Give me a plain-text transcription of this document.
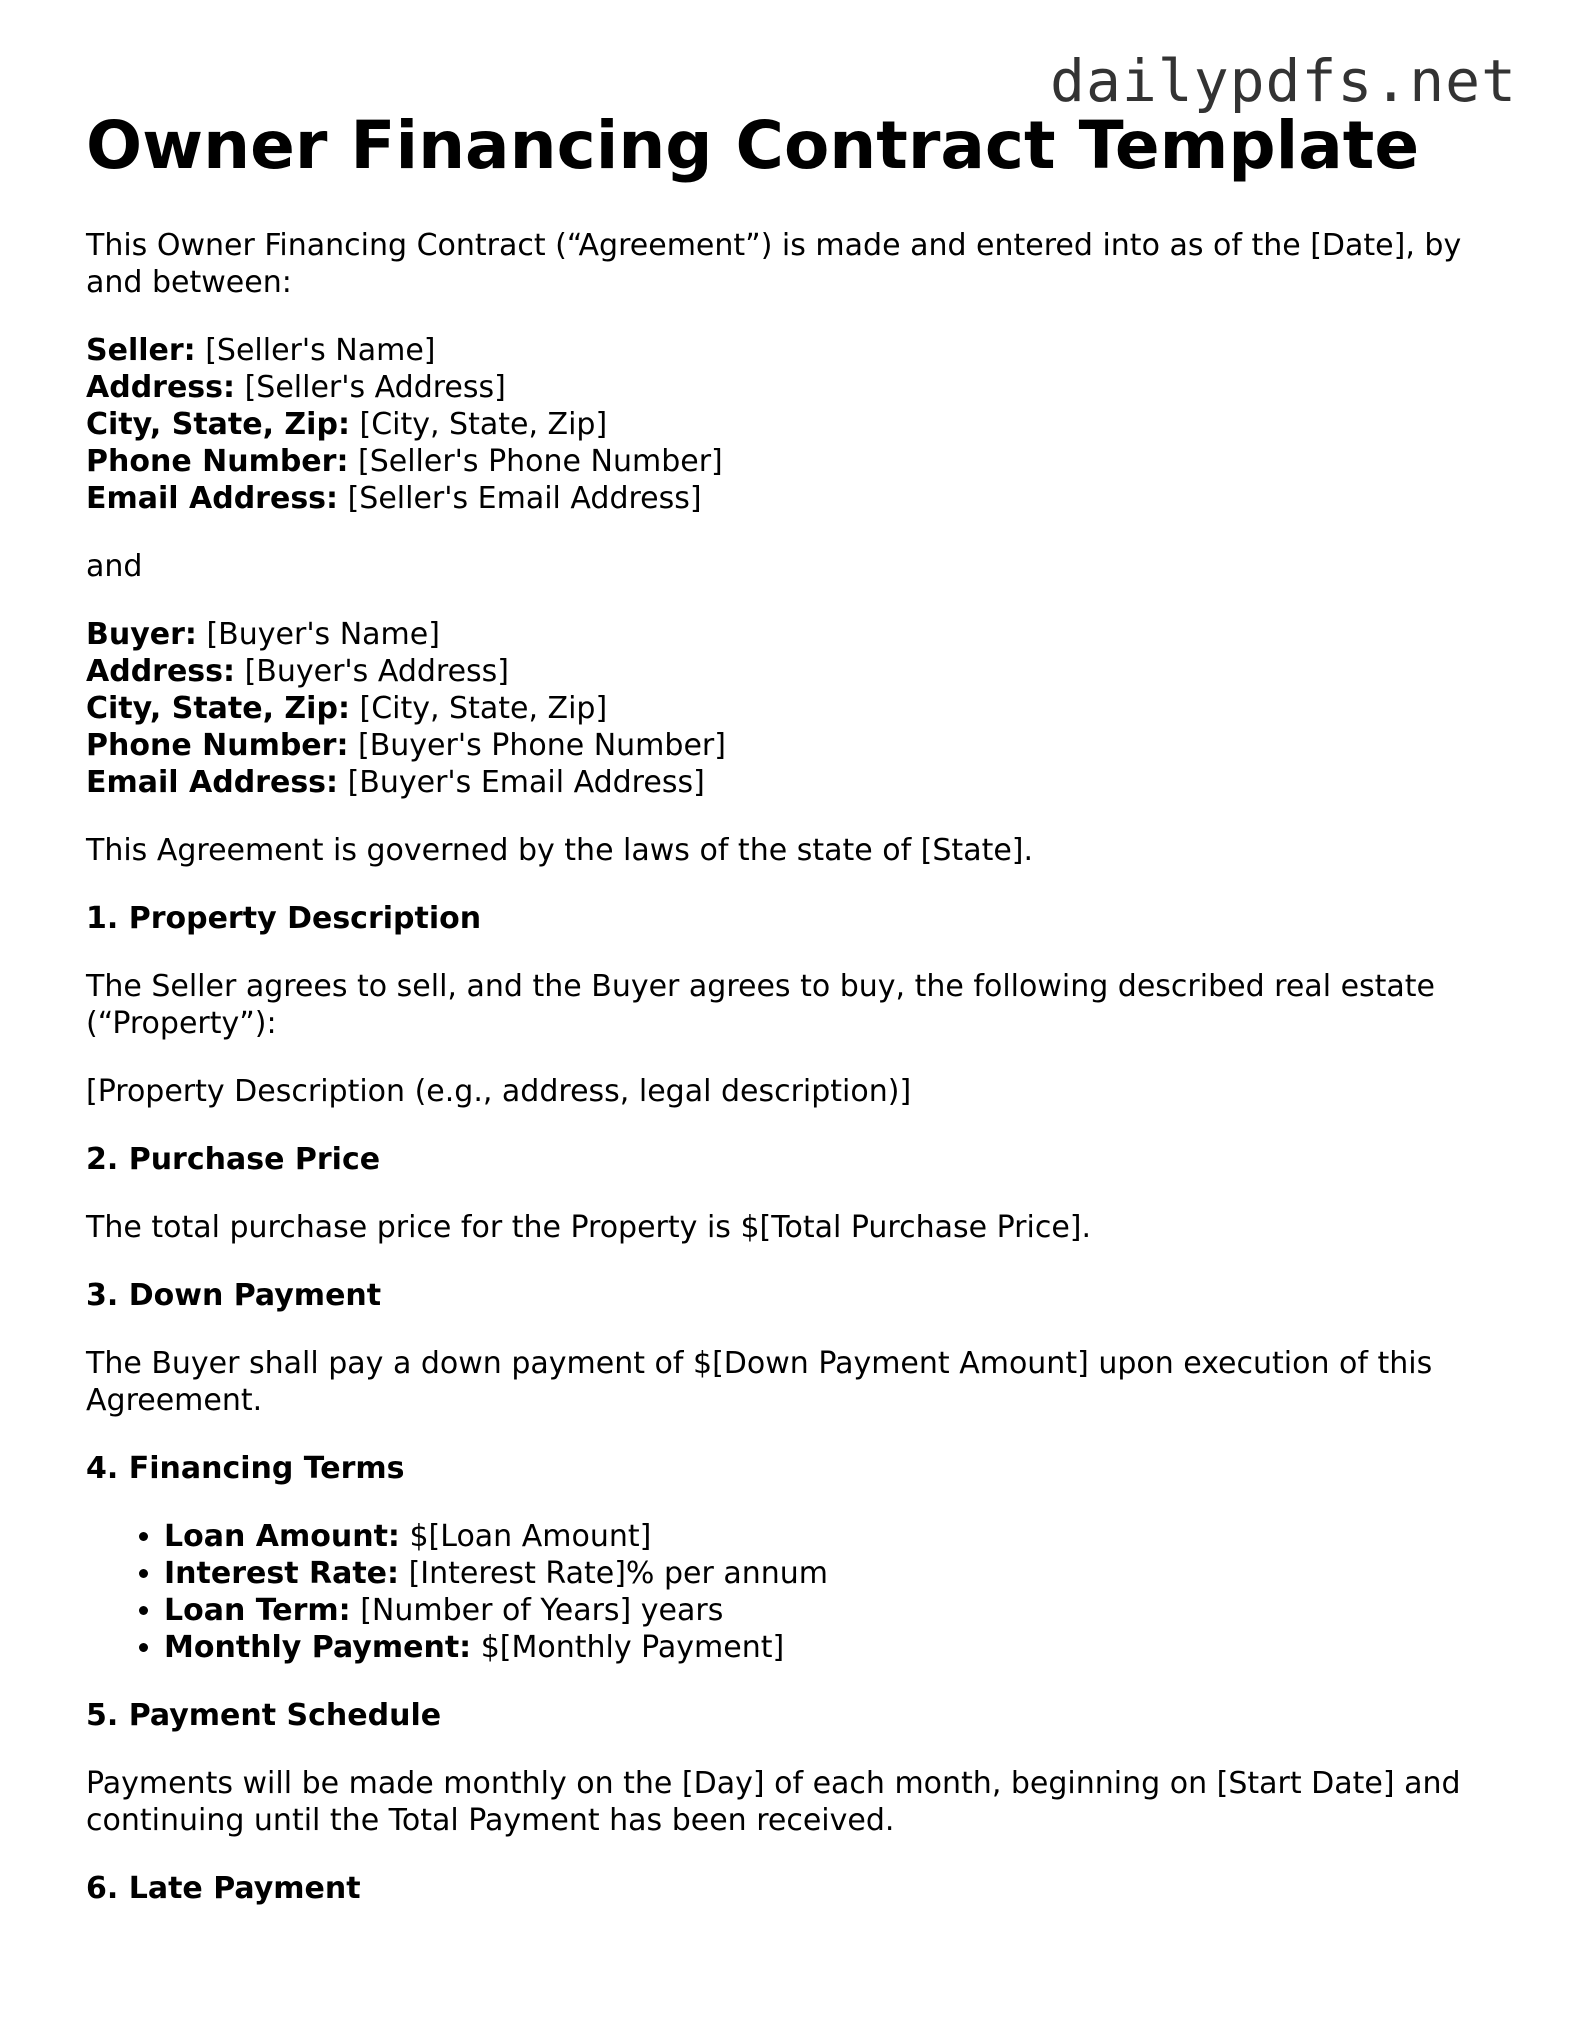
dailypdfs.net
Owner Financing Contract Template

This Owner Financing Contract (“Agreement”) is made and entered into as of the [Date], by and between:

Seller: [Seller's Name]

Address: [Seller's Address]

City, State, Zip: [City, State, Zip]

Phone Number: [Seller's Phone Number]

Email Address: [Seller's Email Address]

and

Buyer: [Buyer's Name]

Address: [Buyer's Address]

City, State, Zip: [City, State, Zip]

Phone Number: [Buyer's Phone Number]

Email Address: [Buyer's Email Address]

This Agreement is governed by the laws of the state of [State].

1. Property Description

The Seller agrees to sell, and the Buyer agrees to buy, the following described real estate (“Property”):

[Property Description (e.g., address, legal description)]

2. Purchase Price

The total purchase price for the Property is $[Total Purchase Price].

3. Down Payment

The Buyer shall pay a down payment of $[Down Payment Amount] upon execution of this Agreement.

4. Financing Terms
• Loan Amount: $[Loan Amount]
• Interest Rate: [Interest Rate]% per annum
• Loan Term: [Number of Years] years
• Monthly Payment: $[Monthly Payment]
5. Payment Schedule

Payments will be made monthly on the [Day] of each month, beginning on [Start Date] and continuing until the Total Payment has been received.

6. Late Payment
